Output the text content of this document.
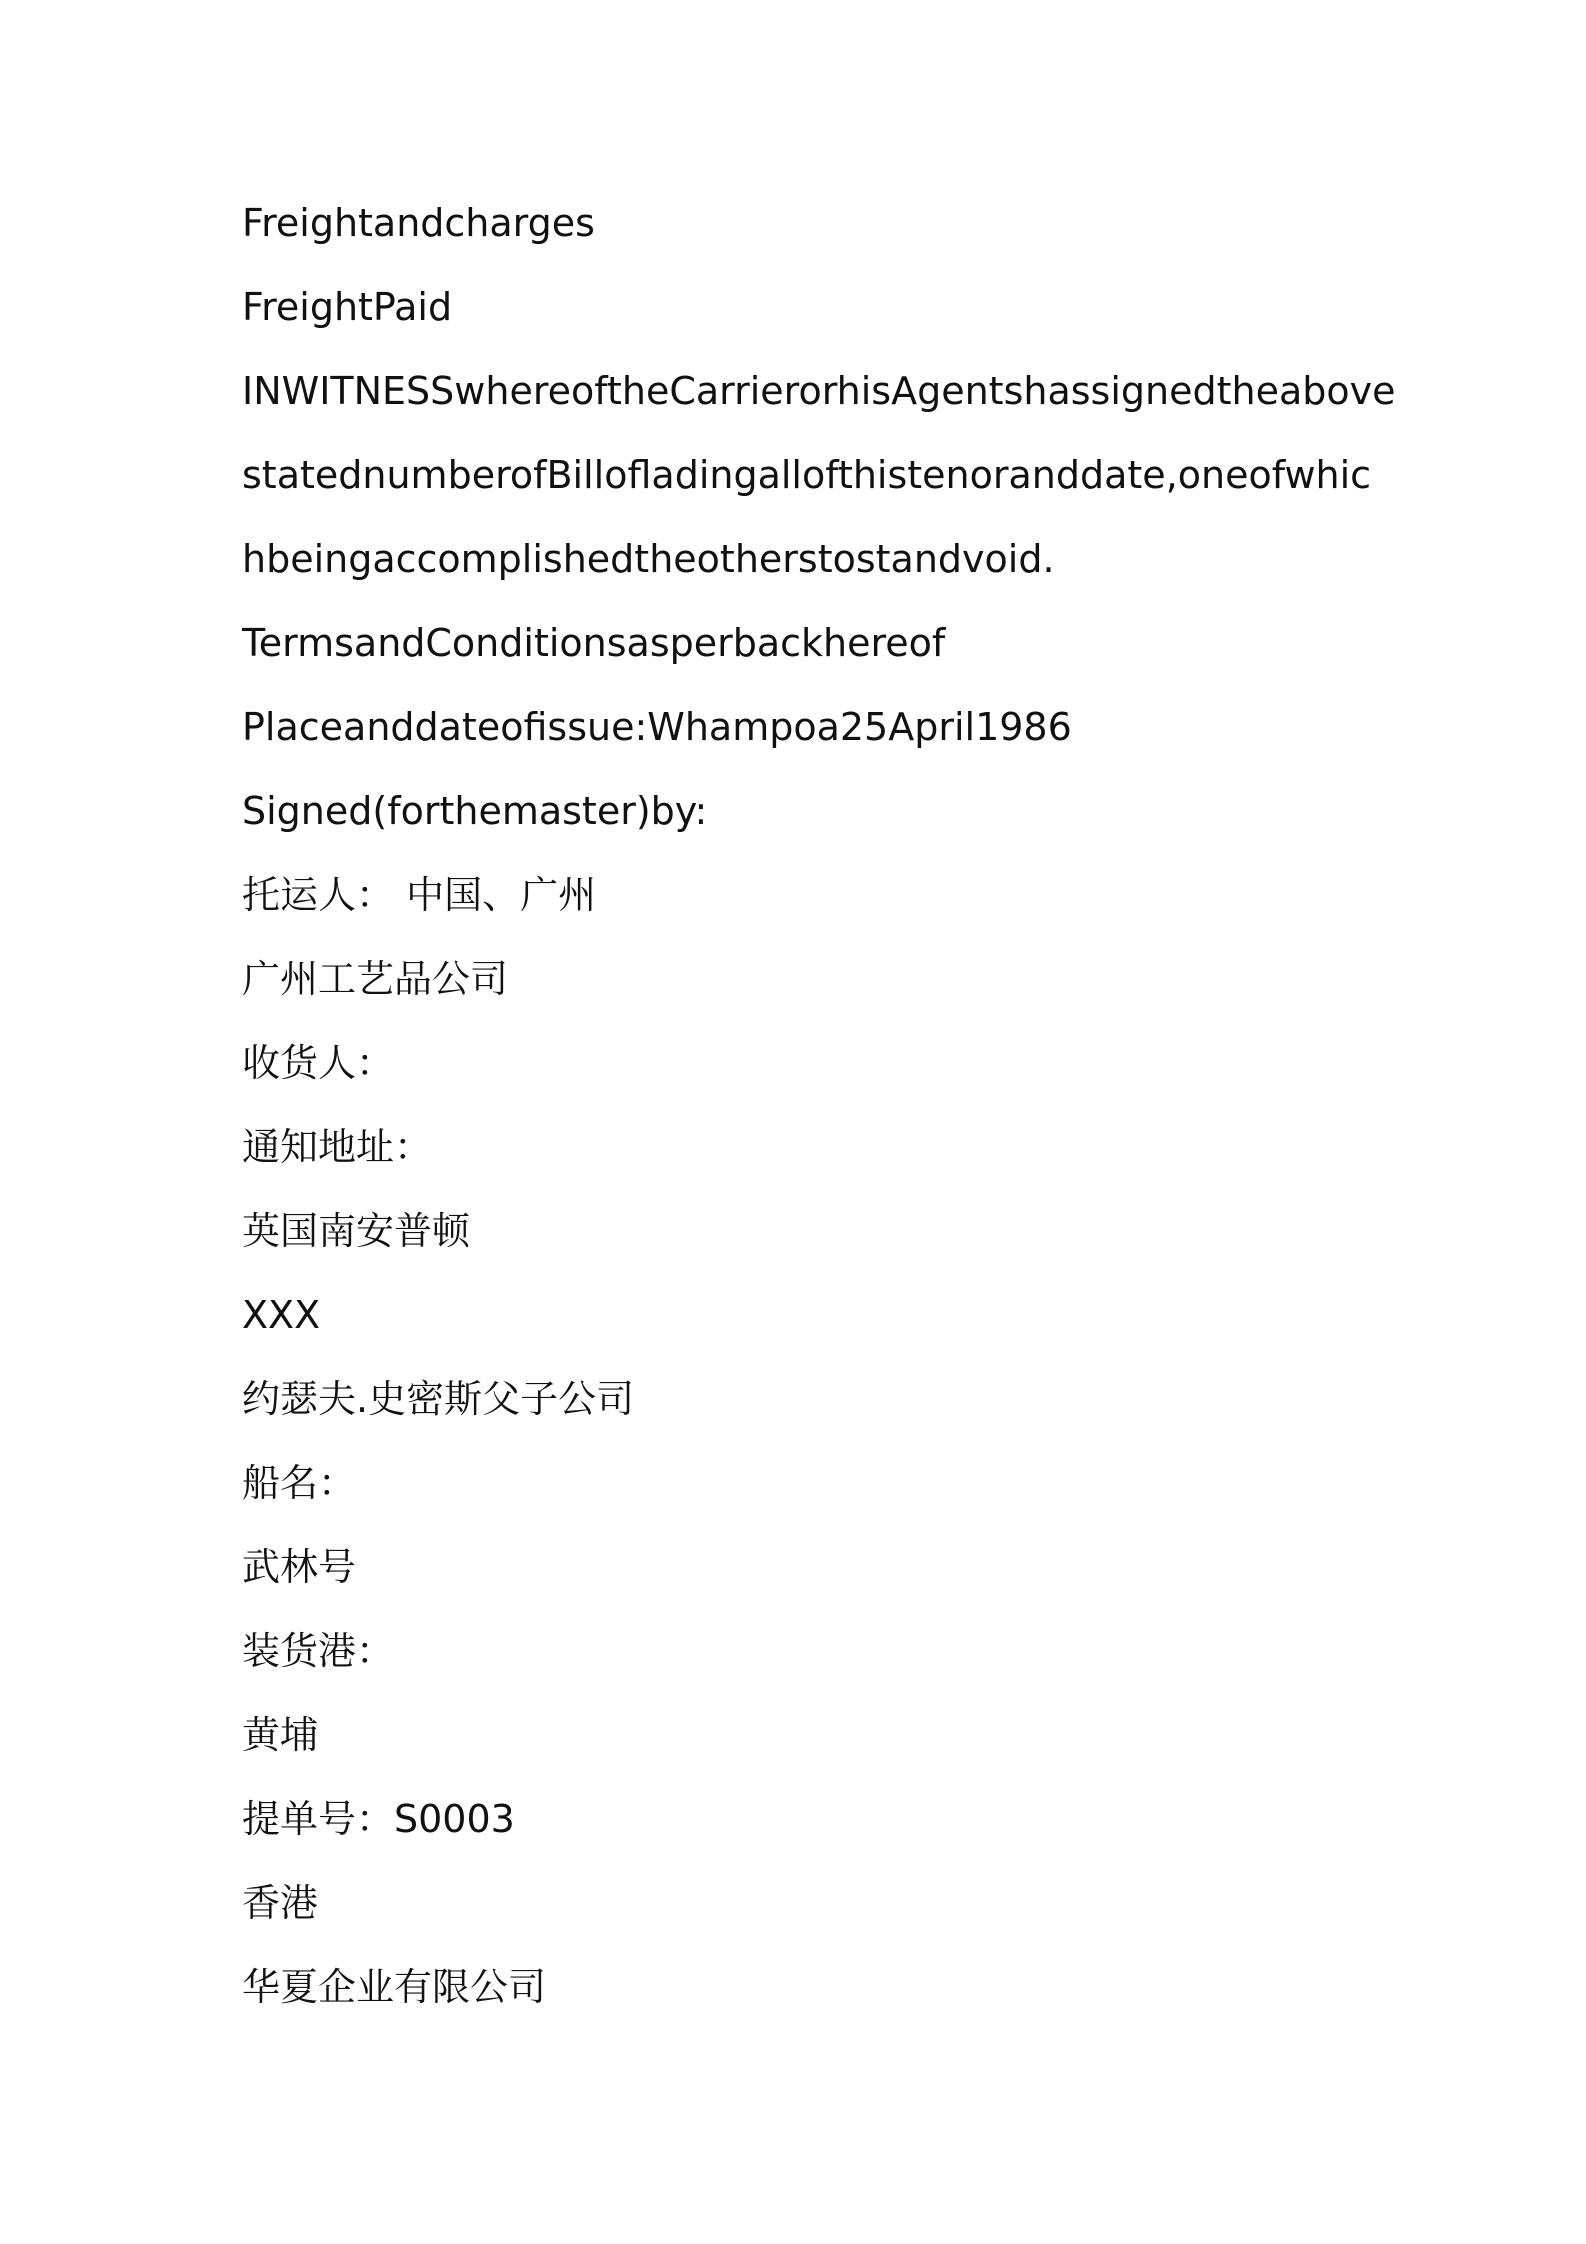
Freightandcharges
FreightPaid
INWITNESSwhereoftheCarrierorhisAgentshassignedtheabove
statednumberofBillofladingallofthistenoranddate,oneofwhic
hbeingaccomplishedtheotherstostandvoid.
TermsandConditionsasperbackhereof
Placeanddateofissue:Whampoa25April1986
Signed(forthemaster)by:
托运人： 中国、广州
广州工艺品公司
收货人：
通知地址：
英国南安普顿
XXX
约瑟夫.史密斯父子公司
船名：
武林号
装货港：
黄埔
提单号：S0003
香港
华夏企业有限公司
